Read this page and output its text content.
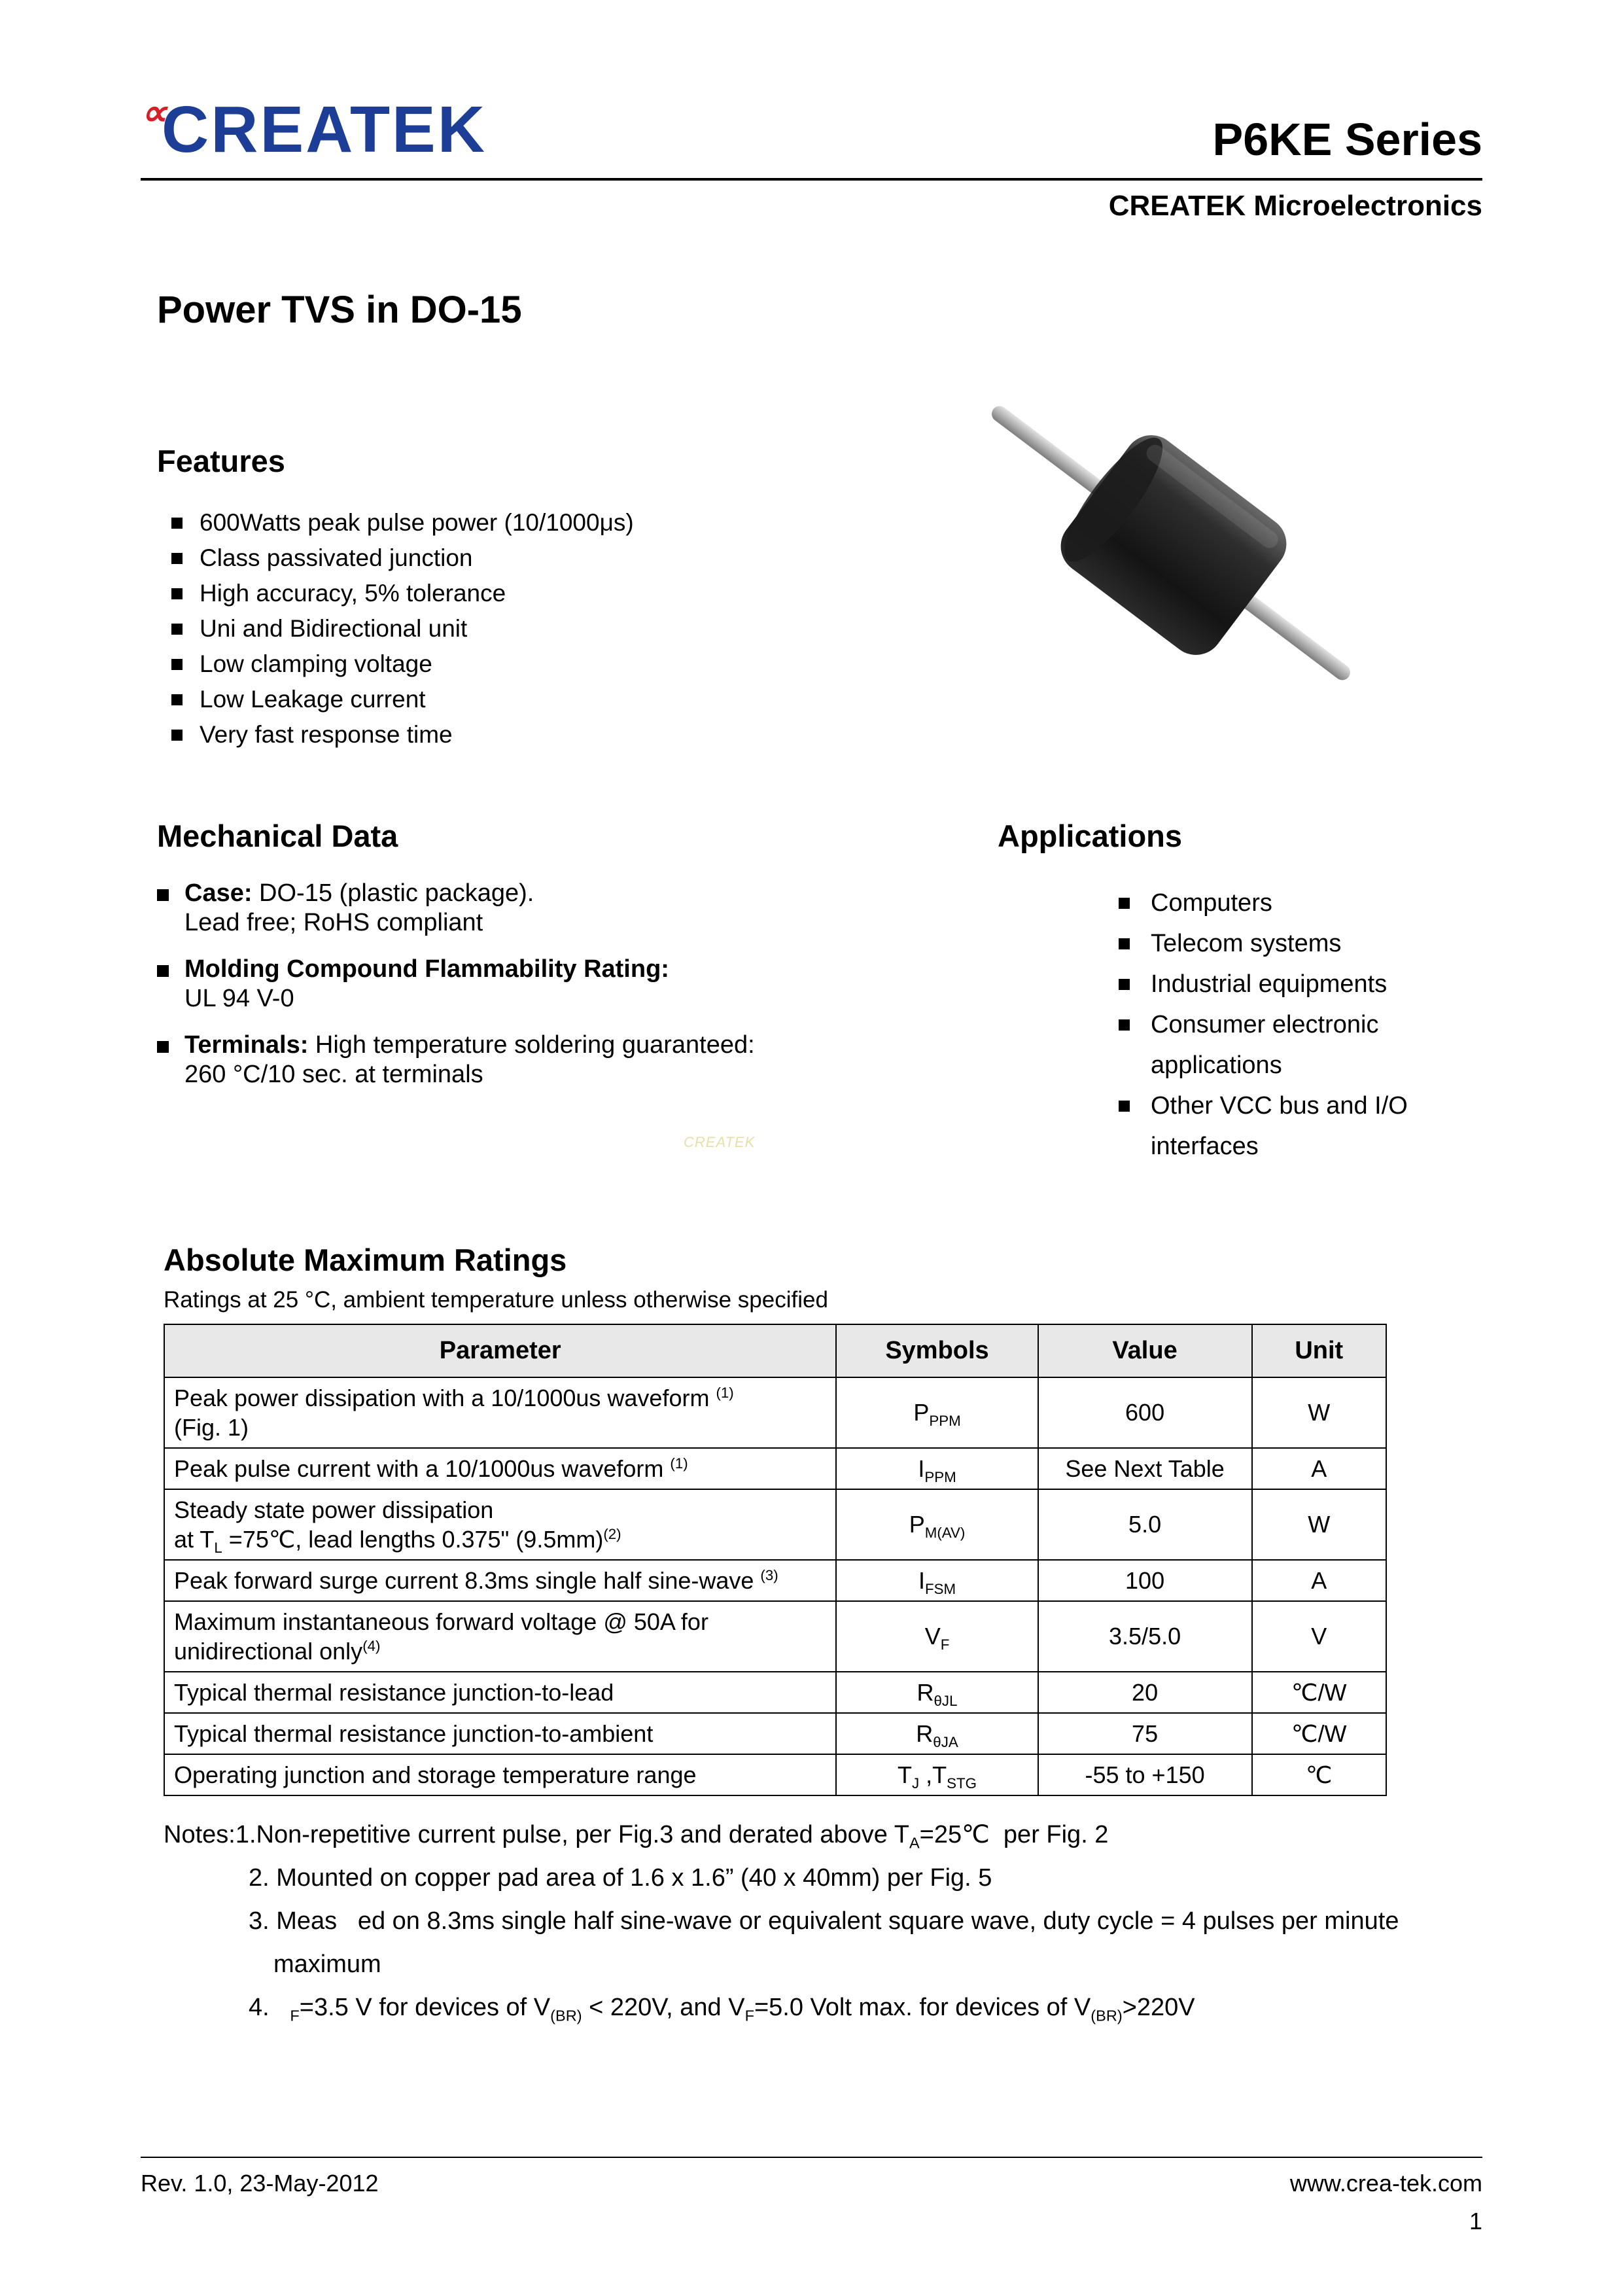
∝
CREATEK	P6KE Series
CREATEK Microelectronics
Power TVS in DO-15
Features
600Watts peak pulse power (10/1000μs)
Class passivated junction
High accuracy, 5% tolerance
Uni and Bidirectional unit
Low clamping voltage
Low Leakage current
Very fast response time
Mechanical Data
Case: DO-15 (plastic package).
Lead free; RoHS compliant
Molding Compound Flammability Rating:
UL 94 V-0
Terminals: High temperature soldering guaranteed:
260 °C/10 sec. at terminals
Applications
Computers
Telecom systems
Industrial equipments
Consumer electronic applications
Other VCC bus and I/O interfaces
Absolute Maximum Ratings
Ratings at 25 °C, ambient temperature unless otherwise specified
Parameter	Symbols	Value	Unit

Peak power dissipation with a 10/1000us waveform $^{(1)}$
(Fig. 1)	$P_{PPM}$	600	W

Peak pulse current with a 10/1000us waveform $^{(1)}$	$I_{PPM}$	See Next Table	A

Steady state power dissipation
at $T_L$ =75℃, lead lengths 0.375" $(9.5mm)^{(2)}$	$P_{M(AV)}$	5.0	W

Peak forward surge current 8.3ms single half sine-wave $^{(3)}$	$I_{FSM}$	100	A

Maximum instantaneous forward voltage @ 50A for
unidirectional only$^{(4)}$	$V_F$	3.5/5.0	V

Typical thermal resistance junction-to-lead	$R_{\theta JL}$	20	℃/W

Typical thermal resistance junction-to-ambient	$R_{\theta JA}$	75	℃/W

Operating junction and storage temperature range	$T_J$ $,T_{STG}$	-55 to +150	℃
Notes:1.Non-repetitive current pulse, per Fig.3 and derated above $T_A=25℃$  per Fig. 2
2. Mounted on copper pad area of 1.6 x 1.6” (40 x 40mm) per Fig. 5
3. Meas   ed on 8.3ms single half sine-wave or equivalent square wave, duty cycle = 4 pulses per minute
maximum
4.   $_F$=3.5 V for devices of $V_{(BR)} < 220V$, and $V_F=5.0$ Volt max. for devices of $V_{(BR)}>220V$
CREATEK
Rev. 1.0, 23-May-2012	www.crea-tek.com
1
